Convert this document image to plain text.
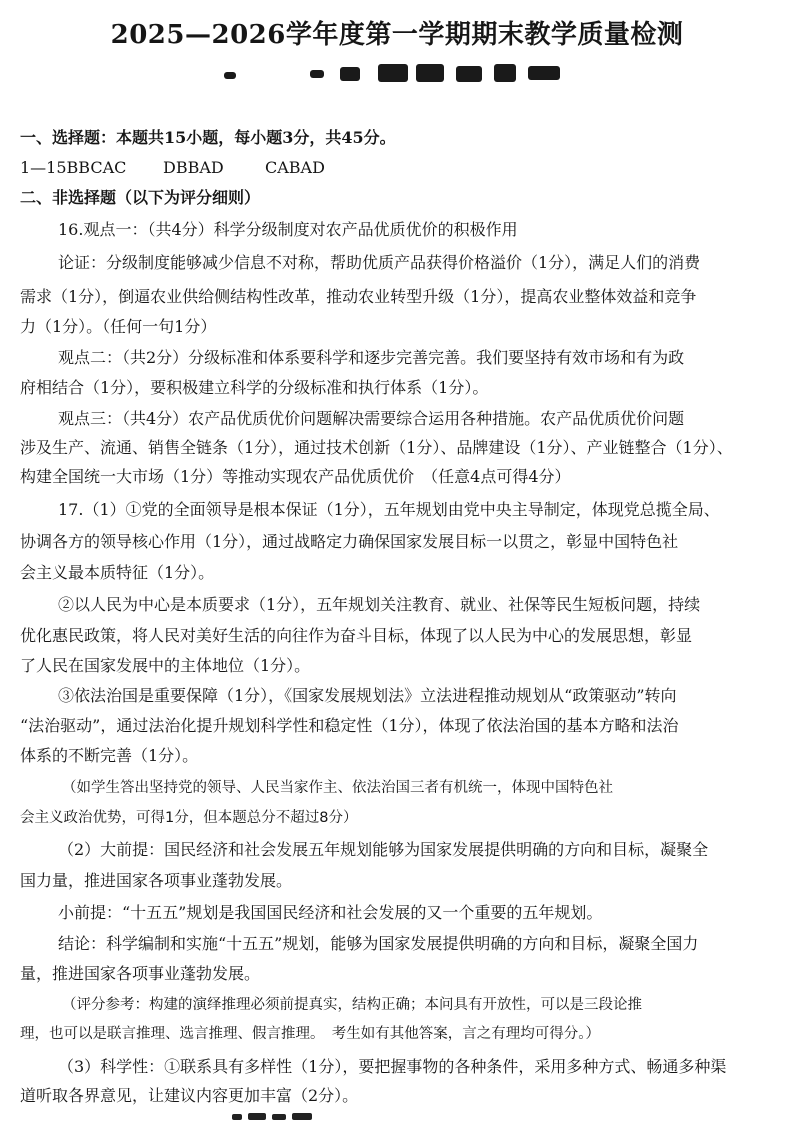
2025—2026学年度第一学期期末教学质量检测
一、选择题：本题共15小题，每小题3分，共45分。
1—15BBCAC DBBAD	CABAD
二、非选择题（以下为评分细则）
16.观点一：（共4分）科学分级制度对农产品优质优价的积极作用
论证：分级制度能够减少信息不对称，帮助优质产品获得价格溢价（1分），满足人们的消费
需求（1分），倒逼农业供给侧结构性改革，推动农业转型升级（1分），提高农业整体效益和竞争
力（1分）。（任何一句1分）
观点二：（共2分）分级标准和体系要科学和逐步完善完善。我们要坚持有效市场和有为政
府相结合（1分），要积极建立科学的分级标准和执行体系（1分）。
观点三：（共4分）农产品优质优价问题解决需要综合运用各种措施。农产品优质优价问题
涉及生产、流通、销售全链条（1分），通过技术创新（1分）、品牌建设（1分）、产业链整合（1分）、
构建全国统一大市场（1分）等推动实现农产品优质优价　（任意4点可得4分）
17.（1）①党的全面领导是根本保证（1分），五年规划由党中央主导制定，体现党总揽全局、
协调各方的领导核心作用（1分），通过战略定力确保国家发展目标一以贯之，彰显中国特色社
会主义最本质特征（1分）。
②以人民为中心是本质要求（1分），五年规划关注教育、就业、社保等民生短板问题，持续
优化惠民政策，将人民对美好生活的向往作为奋斗目标，体现了以人民为中心的发展思想，彰显
了人民在国家发展中的主体地位（1分）。
③依法治国是重要保障（1分），《国家发展规划法》立法进程推动规划从“政策驱动”转向
“法治驱动”，通过法治化提升规划科学性和稳定性（1分），体现了依法治国的基本方略和法治
体系的不断完善（1分）。
（如学生答出坚持党的领导、人民当家作主、依法治国三者有机统一，体现中国特色社
会主义政治优势，可得1分，但本题总分不超过8分）
（2）大前提：国民经济和社会发展五年规划能够为国家发展提供明确的方向和目标，凝聚全
国力量，推进国家各项事业蓬勃发展。
小前提：“十五五”规划是我国国民经济和社会发展的又一个重要的五年规划。
结论：科学编制和实施“十五五”规划，能够为国家发展提供明确的方向和目标，凝聚全国力
量，推进国家各项事业蓬勃发展。
（评分参考：构建的演绎推理必须前提真实，结构正确；本问具有开放性，可以是三段论推
理，也可以是联言推理、选言推理、假言推理。　考生如有其他答案，言之有理均可得分。）
（3）科学性：①联系具有多样性（1分），要把握事物的各种条件，采用多种方式、畅通多种渠
道听取各界意见，让建议内容更加丰富（2分）。
